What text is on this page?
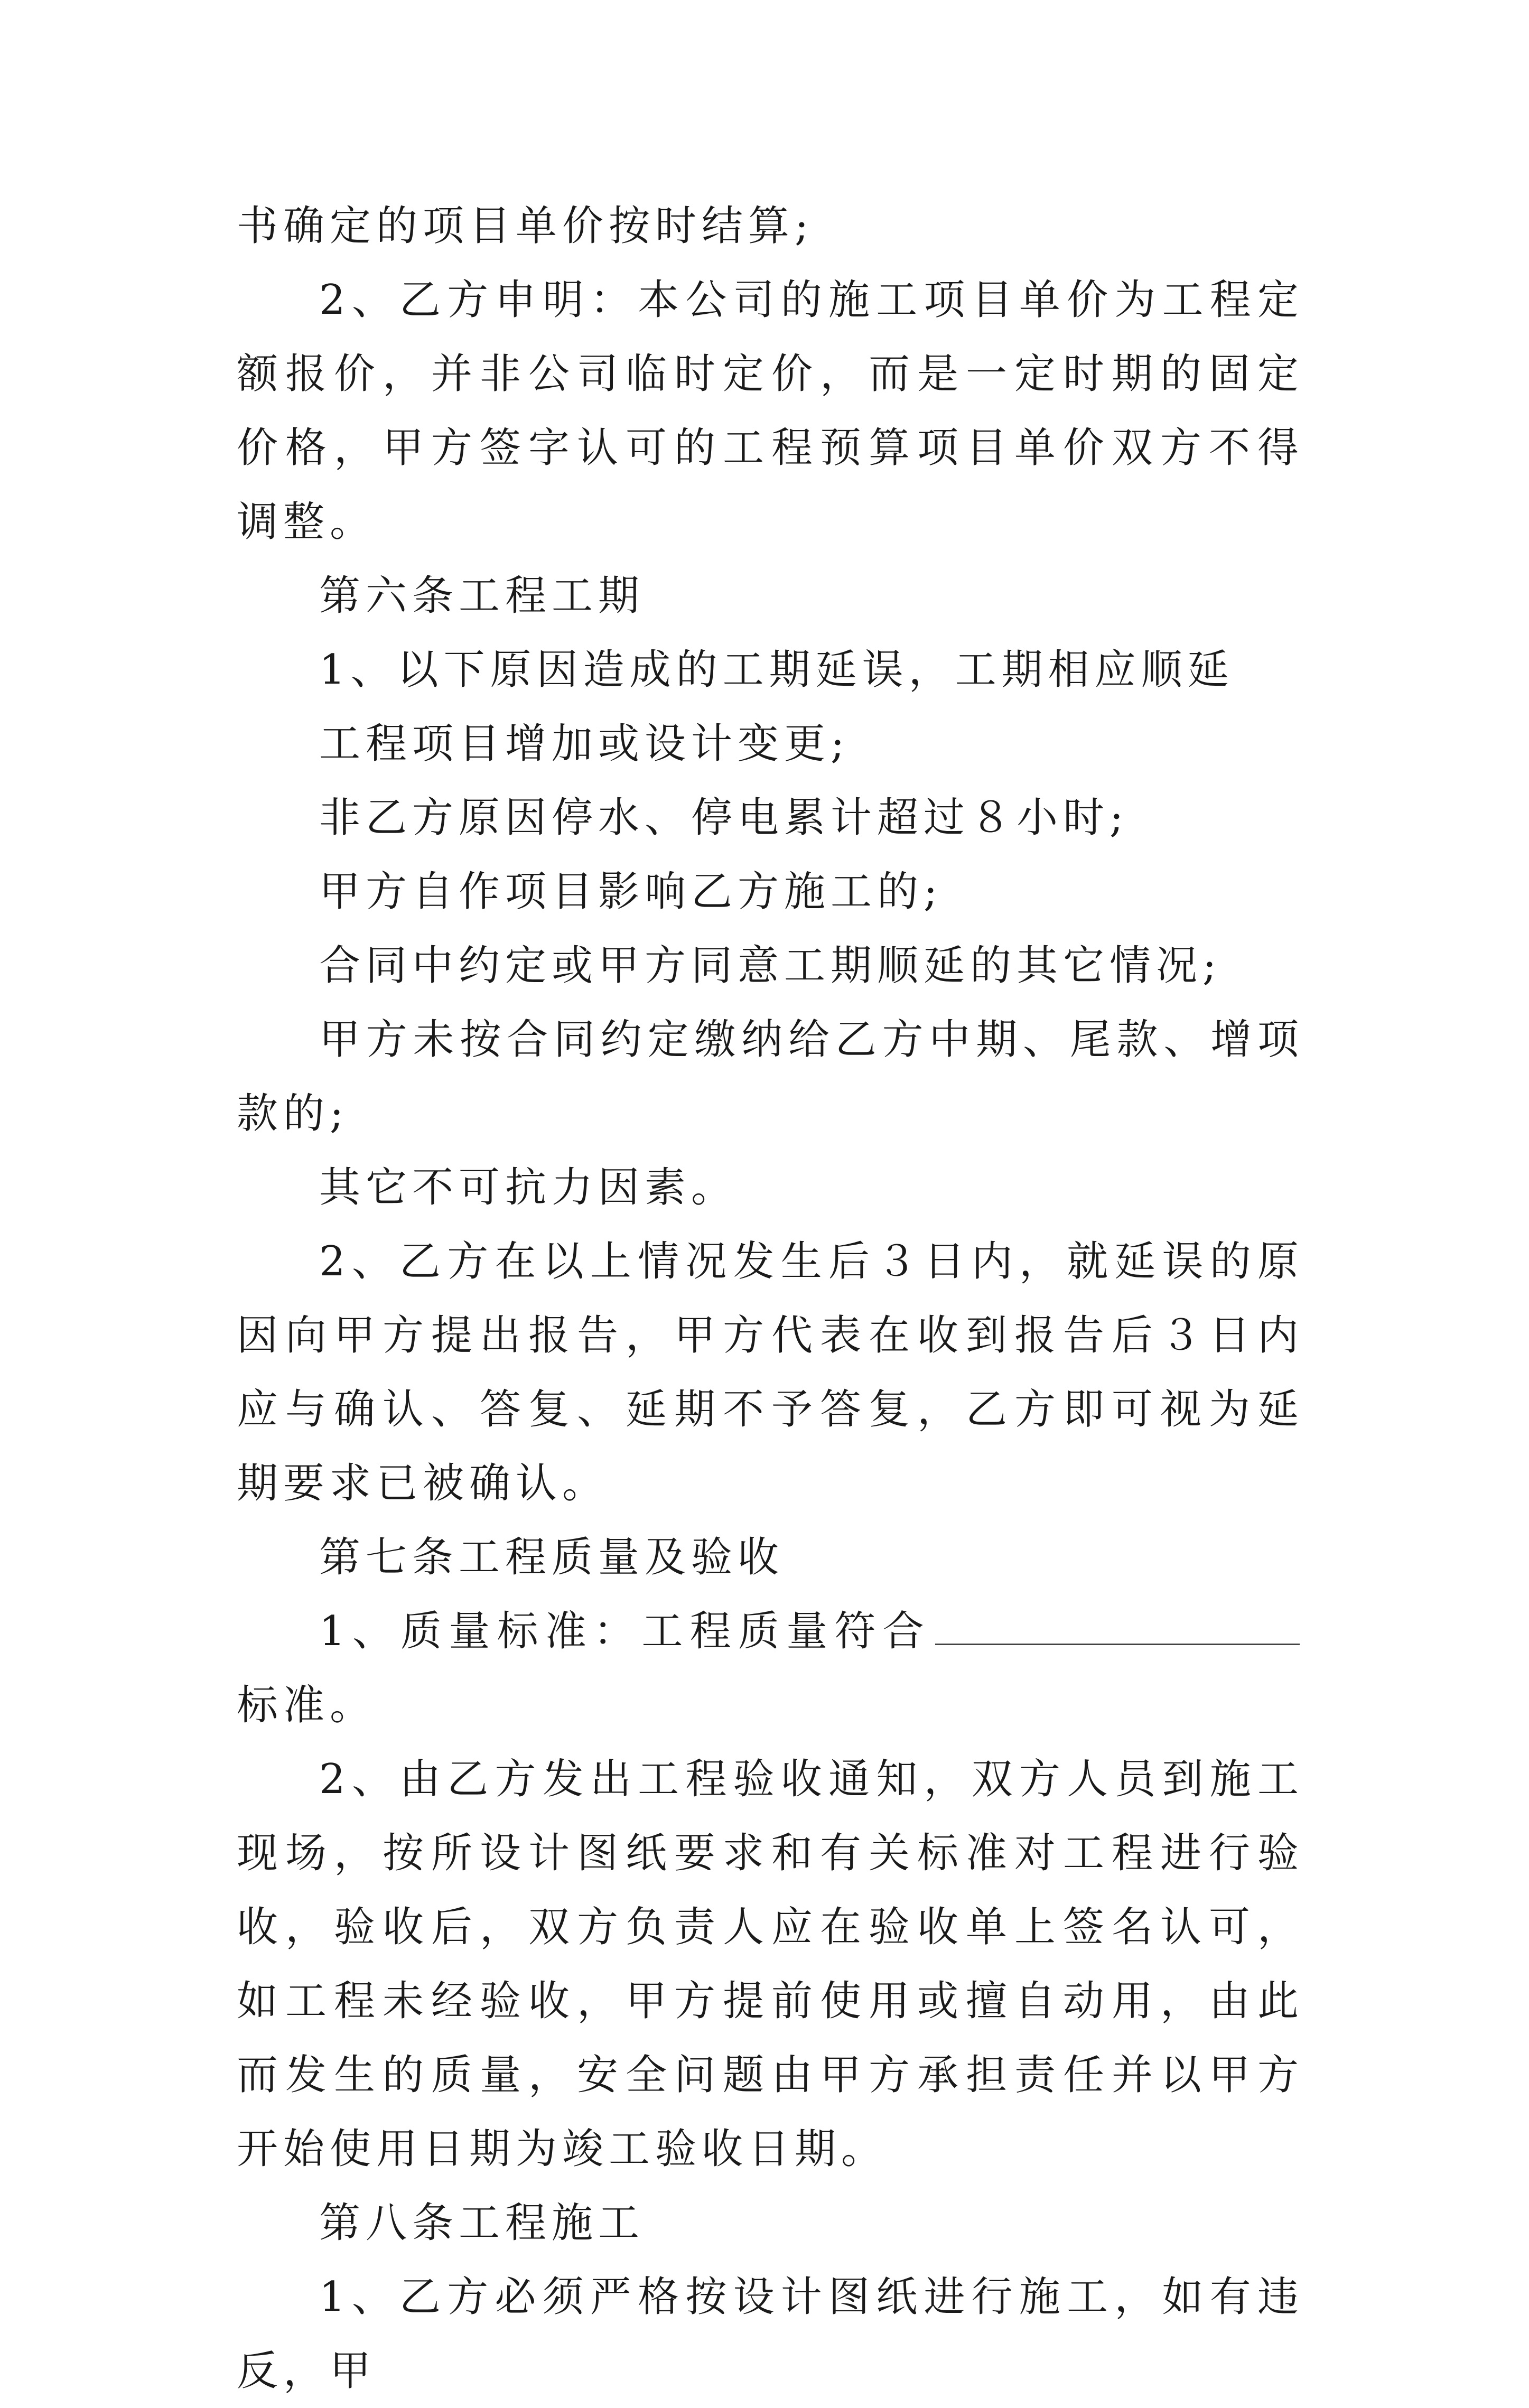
书确定的项目单价按时结算;

2、乙方申明：本公司的施工项目单价为工程定额报价，并非公司临时定价，而是一定时期的固定价格，甲方签字认可的工程预算项目单价双方不得调整。

第六条工程工期

1、以下原因造成的工期延误，工期相应顺延

工程项目增加或设计变更;

非乙方原因停水、停电累计超过８小时;

甲方自作项目影响乙方施工的;

合同中约定或甲方同意工期顺延的其它情况;

甲方未按合同约定缴纳给乙方中期、尾款、增项款的;

其它不可抗力因素。

2、乙方在以上情况发生后３日内，就延误的原因向甲方提出报告，甲方代表在收到报告后３日内应与确认、答复、延期不予答复，乙方即可视为延期要求已被确认。

第七条工程质量及验收

1、质量标准：工程质量符合标准。

2、由乙方发出工程验收通知，双方人员到施工现场，按所设计图纸要求和有关标准对工程进行验收，验收后，双方负责人应在验收单上签名认可，如工程未经验收，甲方提前使用或擅自动用，由此而发生的质量，安全问题由甲方承担责任并以甲方开始使用日期为竣工验收日期。

第八条工程施工

1、乙方必须严格按设计图纸进行施工，如有违反，甲
